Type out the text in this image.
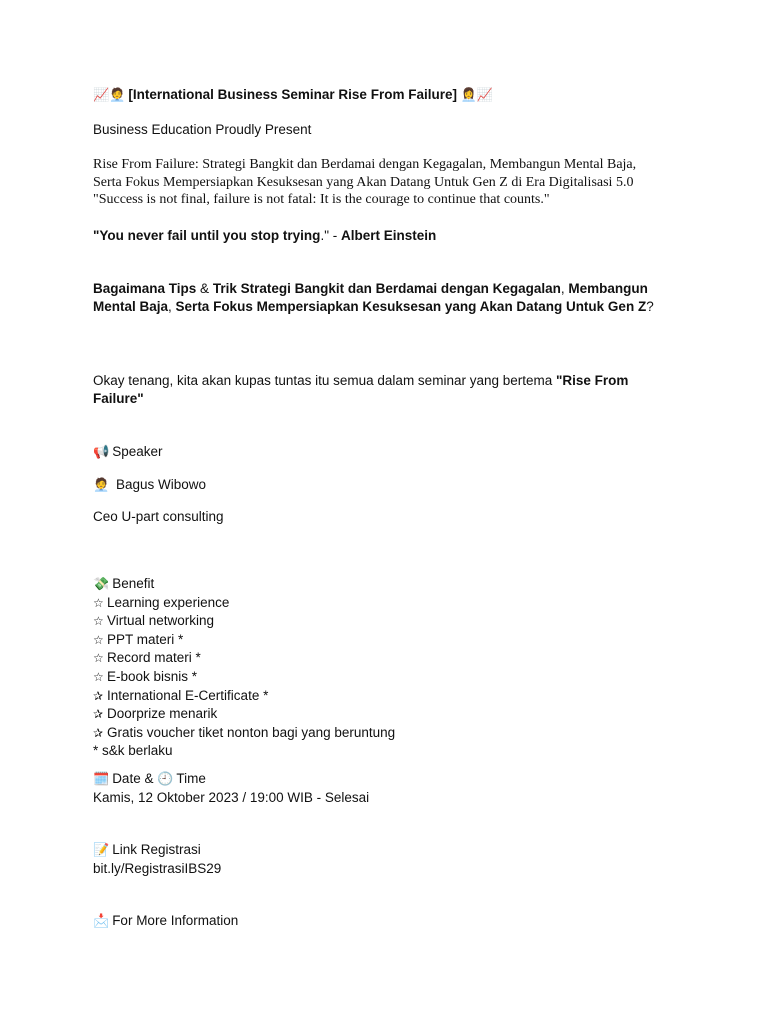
📈🧑‍💼 [International Business Seminar Rise From Failure] 👩‍💼📈
Business Education Proudly Present
Rise From Failure: Strategi Bangkit dan Berdamai dengan Kegagalan, Membangun Mental Baja,
Serta Fokus Mempersiapkan Kesuksesan yang Akan Datang Untuk Gen Z di Era Digitalisasi 5.0
"Success is not final, failure is not fatal: It is the courage to continue that counts."
"You never fail until you stop trying." - Albert Einstein
Bagaimana Tips & Trik Strategi Bangkit dan Berdamai dengan Kegagalan, Membangun
Mental Baja, Serta Fokus Mempersiapkan Kesuksesan yang Akan Datang Untuk Gen Z?
Okay tenang, kita akan kupas tuntas itu semua dalam seminar yang bertema "Rise From
Failure"
📢 Speaker
🧑‍💼 Bagus Wibowo
Ceo U-part consulting
💸 Benefit
☆ Learning experience
☆ Virtual networking
☆ PPT materi *
☆ Record materi *
☆ E-book bisnis *
✰ International E-Certificate *
✰ Doorprize menarik
✰ Gratis voucher tiket nonton bagi yang beruntung
* s&k berlaku
🗓️ Date & 🕘 Time
Kamis, 12 Oktober 2023 / 19:00 WIB - Selesai
📝 Link Registrasi
bit.ly/RegistrasiIBS29
📩 For More Information
